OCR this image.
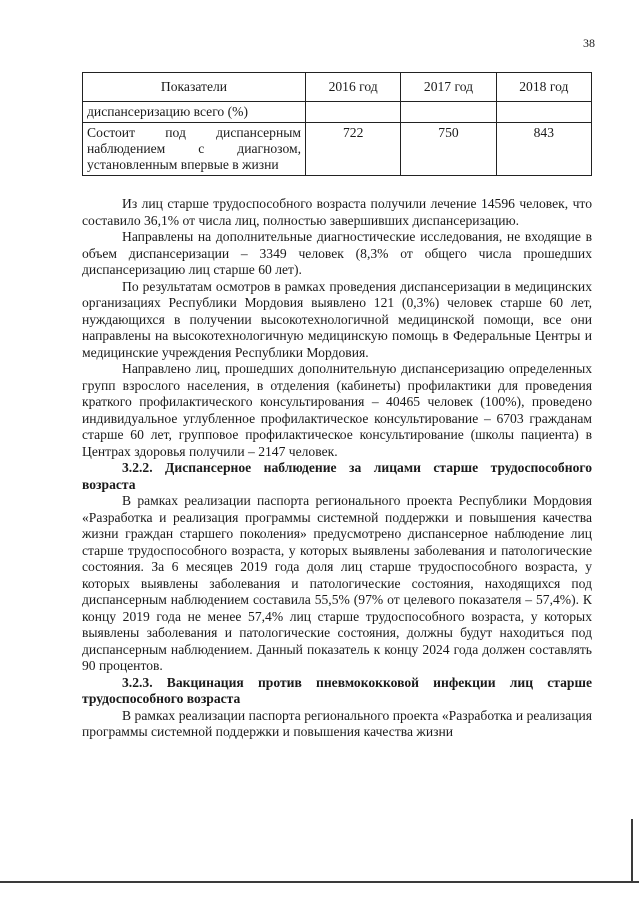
38
Показатели	2016 год	2017 год	2018 год
диспансеризацию всего (%)			
Состоит под диспансерным наблюдением с диагнозом, установленным впервые в жизни	722	750	843

Из лиц старше трудоспособного возраста получили лечение 14596 человек, что составило 36,1% от числа лиц, полностью завершивших диспансеризацию.

Направлены на дополнительные диагностические исследования, не входящие в объем диспансеризации – 3349 человек (8,3% от общего числа прошедших диспансеризацию лиц старше 60 лет).

По результатам осмотров в рамках проведения диспансеризации в медицинских организациях Республики Мордовия выявлено 121 (0,3%) человек старше 60 лет, нуждающихся в получении высокотехнологичной медицинской помощи, все они направлены на высокотехнологичную медицинскую помощь в Федеральные Центры и медицинские учреждения Республики Мордовия.

Направлено лиц, прошедших дополнительную диспансеризацию определенных групп взрослого населения, в отделения (кабинеты) профилактики для проведения краткого профилактического консультирования – 40465 человек (100%), проведено индивидуальное углубленное профилактическое консультирование – 6703 гражданам старше 60 лет, групповое профилактическое консультирование (школы пациента) в Центрах здоровья получили – 2147 человек.

3.2.2. Диспансерное наблюдение за лицами старше трудоспособного возраста

В рамках реализации паспорта регионального проекта Республики Мордовия «Разработка и реализация программы системной поддержки и повышения качества жизни граждан старшего поколения» предусмотрено диспансерное наблюдение лиц старше трудоспособного возраста, у которых выявлены заболевания и патологические состояния. За 6 месяцев 2019 года доля лиц старше трудоспособного возраста, у которых выявлены заболевания и патологические состояния, находящихся под диспансерным наблюдением составила 55,5% (97% от целевого показателя – 57,4%). К концу 2019 года не менее 57,4% лиц старше трудоспособного возраста, у которых выявлены заболевания и патологические состояния, должны будут находиться под диспансерным наблюдением. Данный показатель к концу 2024 года должен составлять 90 процентов.

3.2.3. Вакцинация против пневмококковой инфекции лиц старше трудоспособного возраста

В рамках реализации паспорта регионального проекта «Разработка и реализация программы системной поддержки и повышения качества жизни
